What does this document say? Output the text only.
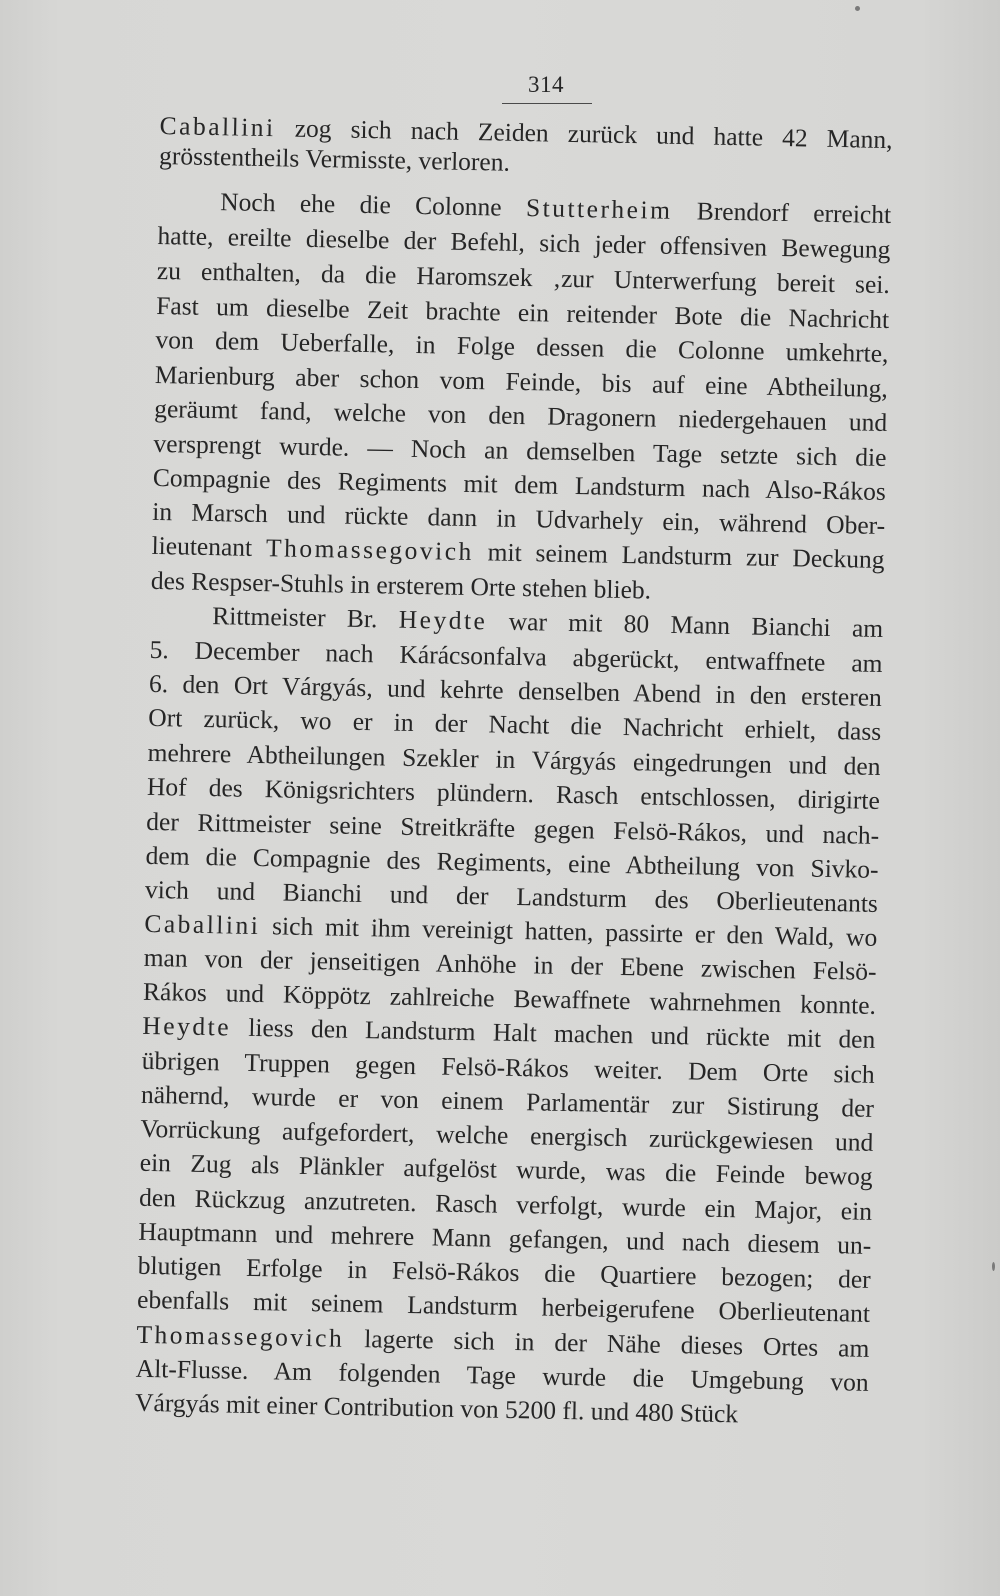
314
Caballini zog sich nach Zeiden zurück und hatte 42 Mann,
grösstentheils Vermisste, verloren.
Noch ehe die Colonne Stutterheim Brendorf erreicht
hatte, ereilte dieselbe der Befehl, sich jeder offensiven Bewegung
zu enthalten, da die Haromszek ‚zur Unterwerfung bereit sei.
Fast um dieselbe Zeit brachte ein reitender Bote die Nachricht
von dem Ueberfalle, in Folge dessen die Colonne umkehrte,
Marienburg aber schon vom Feinde, bis auf eine Abtheilung,
geräumt fand, welche von den Dragonern niedergehauen und
versprengt wurde. — Noch an demselben Tage setzte sich die
Compagnie des Regiments mit dem Landsturm nach Also-Rákos
in Marsch und rückte dann in Udvarhely ein, während Ober-
lieutenant Thomassegovich mit seinem Landsturm zur Deckung
des Respser-Stuhls in ersterem Orte stehen blieb.
Rittmeister Br. Heydte war mit 80 Mann Bianchi am
5. December nach Kárácsonfalva abgerückt, entwaffnete am
6. den Ort Várgyás, und kehrte denselben Abend in den ersteren
Ort zurück, wo er in der Nacht die Nachricht erhielt, dass
mehrere Abtheilungen Szekler in Várgyás eingedrungen und den
Hof des Königsrichters plündern. Rasch entschlossen, dirigirte
der Rittmeister seine Streitkräfte gegen Felsö-Rákos, und nach-
dem die Compagnie des Regiments, eine Abtheilung von Sivko-
vich und Bianchi und der Landsturm des Oberlieutenants
Caballini sich mit ihm vereinigt hatten, passirte er den Wald, wo
man von der jenseitigen Anhöhe in der Ebene zwischen Felsö-
Rákos und Köppötz zahlreiche Bewaffnete wahrnehmen konnte.
Heydte liess den Landsturm Halt machen und rückte mit den
übrigen Truppen gegen Felsö-Rákos weiter. Dem Orte sich
nähernd, wurde er von einem Parlamentär zur Sistirung der
Vorrückung aufgefordert, welche energisch zurückgewiesen und
ein Zug als Plänkler aufgelöst wurde, was die Feinde bewog
den Rückzug anzutreten. Rasch verfolgt, wurde ein Major, ein
Hauptmann und mehrere Mann gefangen, und nach diesem un-
blutigen Erfolge in Felsö-Rákos die Quartiere bezogen; der
ebenfalls mit seinem Landsturm herbeigerufene Oberlieutenant
Thomassegovich lagerte sich in der Nähe dieses Ortes am
Alt-Flusse. Am folgenden Tage wurde die Umgebung von
Várgyás mit einer Contribution von 5200 fl. und 480 Stück
